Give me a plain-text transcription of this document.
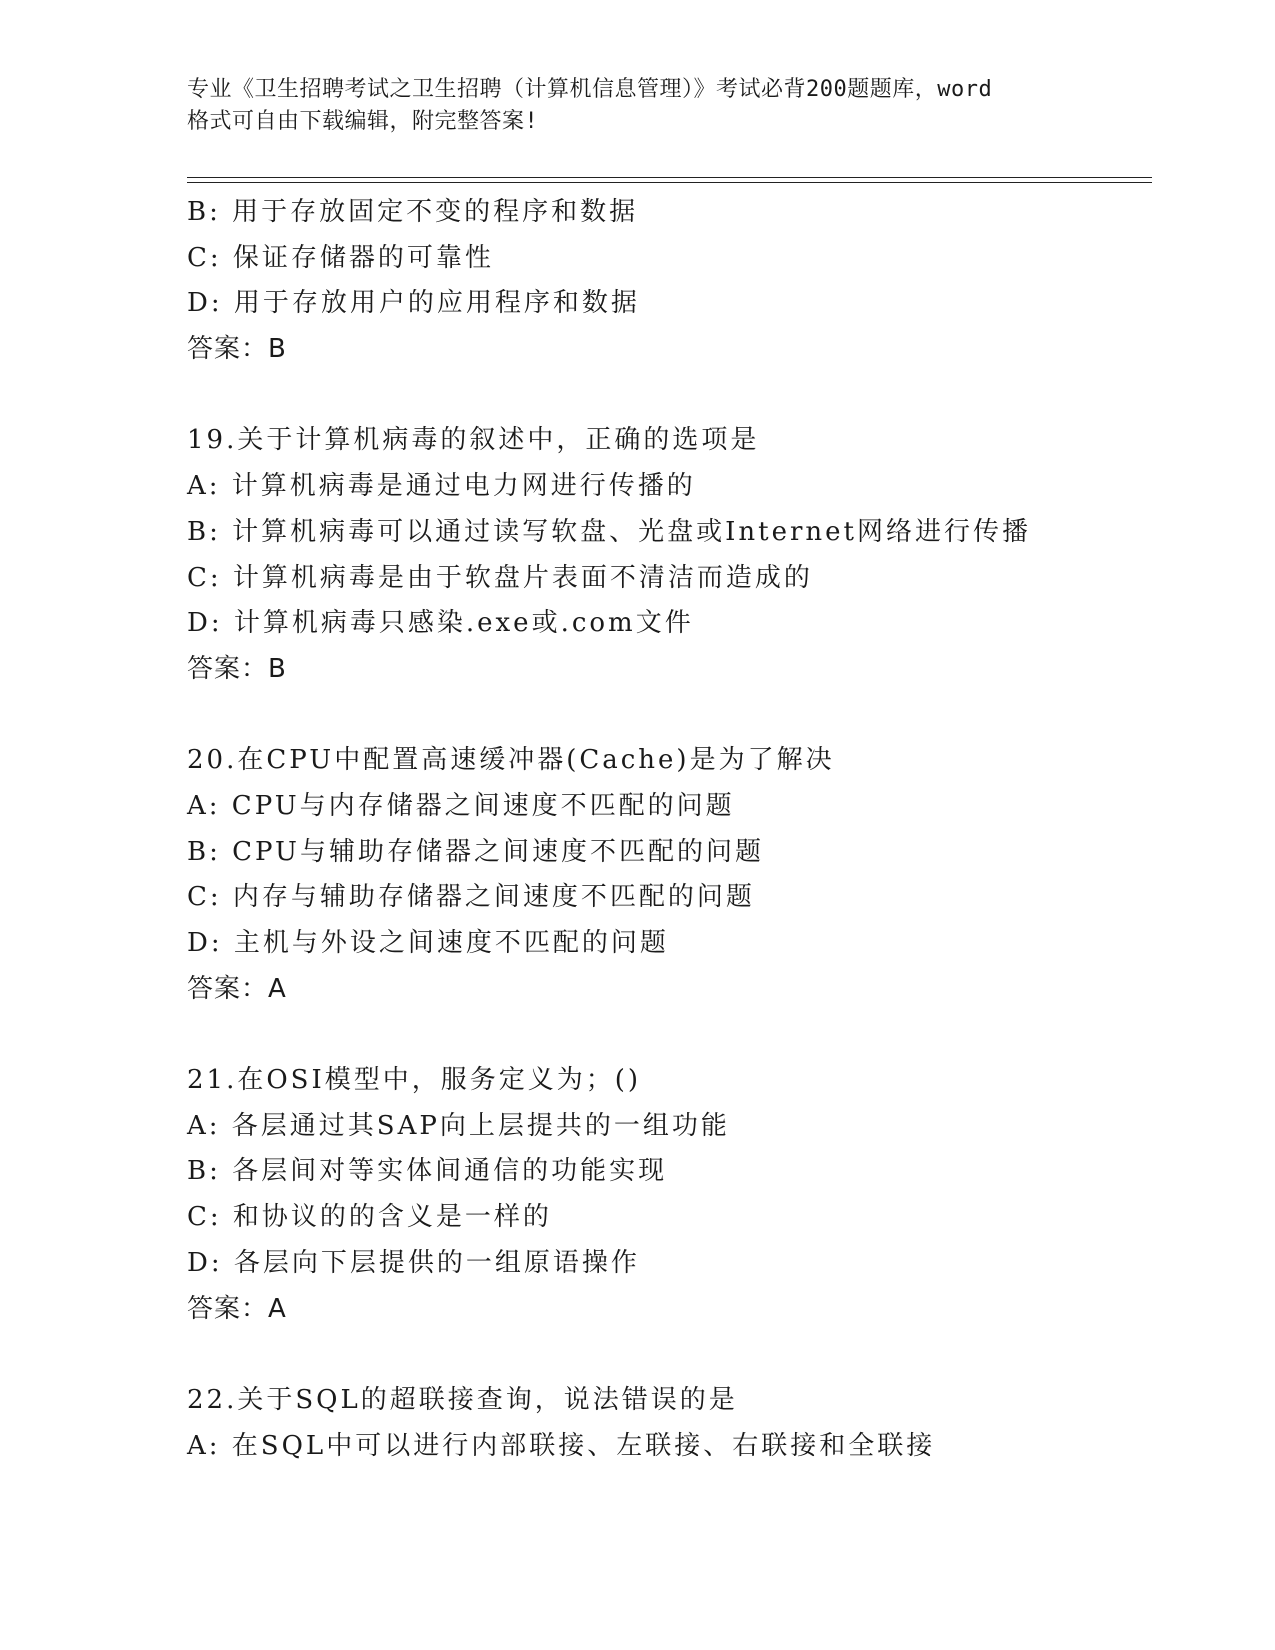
专业《卫生招聘考试之卫生招聘（计算机信息管理）》考试必背200题题库，word
格式可自由下载编辑，附完整答案!
B: 用于存放固定不变的程序和数据
C: 保证存储器的可靠性
D: 用于存放用户的应用程序和数据
答案：B
19.关于计算机病毒的叙述中，正确的选项是
A: 计算机病毒是通过电力网进行传播的
B: 计算机病毒可以通过读写软盘、光盘或Internet网络进行传播
C: 计算机病毒是由于软盘片表面不清洁而造成的
D: 计算机病毒只感染.exe或.com文件
答案：B
20.在CPU中配置高速缓冲器(Cache)是为了解决
A: CPU与内存储器之间速度不匹配的问题
B: CPU与辅助存储器之间速度不匹配的问题
C: 内存与辅助存储器之间速度不匹配的问题
D: 主机与外设之间速度不匹配的问题
答案：A
21.在OSI模型中，服务定义为；()
A: 各层通过其SAP向上层提共的一组功能
B: 各层间对等实体间通信的功能实现
C: 和协议的的含义是一样的
D: 各层向下层提供的一组原语操作
答案：A
22.关于SQL的超联接查询，说法错误的是
A: 在SQL中可以进行内部联接、左联接、右联接和全联接
